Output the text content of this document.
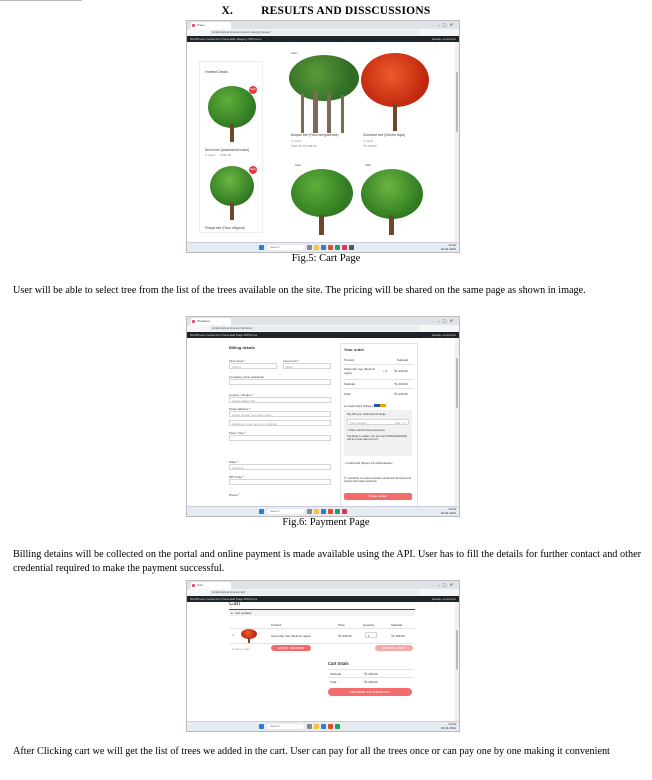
X. RESULTS AND DISSCUSSIONS
Trees	–▢✕
localhost/wordpress/product-category/trees/
WordPress Customize 0 New Edit category WPForms	Howdy, xxxxxxxxx
Hottest Deals
Sale!
Neem tree (Azadirachta indica)
in stock ₹299.00
Sale!
Peepal tree (Ficus religiosa)
Sale!
Banyan tree (Ficus benghalensis)
in stock
₹399.00 ₹5,299.00
Gulmohar tree (Delonix regia)
in stock
₹1,399.00
Sale!	Sale!
Search	10:22
18-04-2024
Fig.5: Cart Page
User will be able to select tree from the list of the trees available on the site. The pricing will be shared on the same page as shown in image.
Checkout	–▢✕
localhost/wordpress/checkout/
WordPress Customize 0 New Edit Page WPForms	Howdy, xxxxxxxxx
Billing details
First name *
Shivam
Last name *
Bhatt
Company name (optional)
Country / Region *
United States (US)
Street address *
House number and street name
Apartment, suite, unit, etc. (optional)
Town / City *
State *
California
ZIP Code *
Phone *
Your order
Product	Subtotal
Gulmohar tree (Delonix regia)	× 1 ₹1,399.00
Subtotal	₹1,399.00
Total	₹1,399.00
● Credit Card (Stripe)
Pay with your credit card via Stripe.
Card number	MM / YY
☐ Save card for future payments
Test Mode is enabled. Use test card 4242424242424242 with any future date and CVC.
○ Credit Card (Stripe) 3-D Authentication
☐ I would like to receive exclusive emails with discounts and product information (optional)
Place order
Search	10:23
18-04-2024
Fig.6: Payment Page
Billing detains will be collected on the portal and online payment is made available using the API. User has to fill the details for further contact and other credential required to make the payment successful.
Cart	–▢✕
localhost/wordpress/cart/
WordPress Customize 0 New Edit Page WPForms	Howdy, xxxxxxxxx
Cart
● Cart updated.
Product	Price	Quantity	Subtotal
⊗	Gulmohar tree (Delonix regia)	₹1,399.00	1	₹1,399.00
Coupon code	APPLY COUPON	UPDATE CART
Cart totals
Subtotal	₹1,399.00
Total	₹1,399.00
PROCEED TO CHECKOUT
Search	10:24
18-04-2024
After Clicking cart we will get the list of trees we added in the cart. User can pay for all the trees once or can pay one by one making it convenient
